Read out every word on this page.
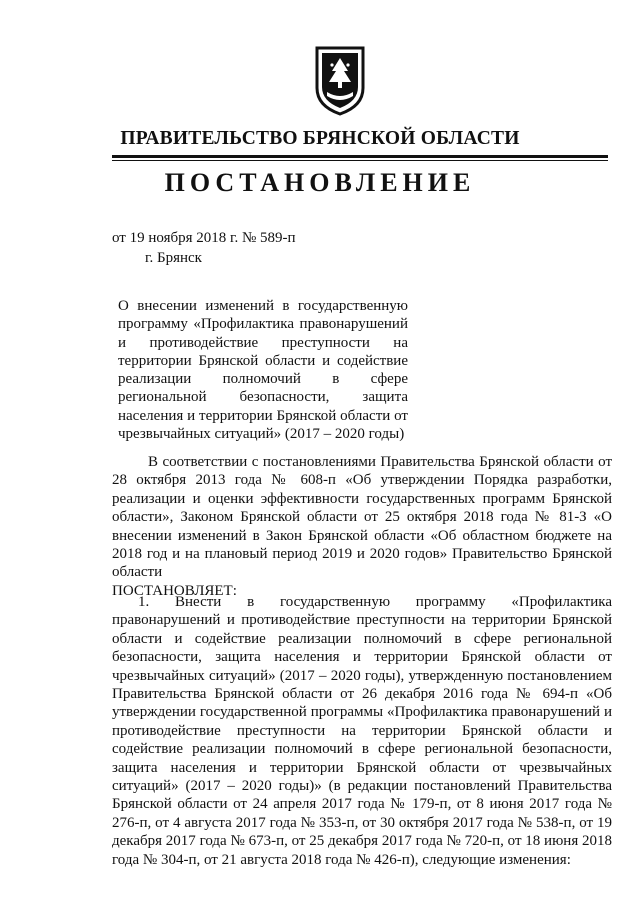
ПРАВИТЕЛЬСТВО БРЯНСКОЙ ОБЛАСТИ
ПОСТАНОВЛЕНИЕ
от 19 ноября 2018 г. № 589-п
г. Брянск
О внесении изменений в государственную программу «Профилактика правонарушений и противодействие преступности на территории Брянской области и содействие реализации полномочий в сфере региональной безопасности, защита населения и территории Брянской области от чрезвычайных ситуаций» (2017 – 2020 годы)
В соответствии с постановлениями Правительства Брянской области от 28 октября 2013 года № 608-п «Об утверждении Порядка разработки, реализации и оценки эффективности государственных программ Брянской области», Законом Брянской области от 25 октября 2018 года № 81-З «О внесении изменений в Закон Брянской области «Об областном бюджете на 2018 год и на плановый период 2019 и 2020 годов» Правительство Брянской области
ПОСТАНОВЛЯЕТ:
1. Внести в государственную программу «Профилактика правонарушений и противодействие преступности на территории Брянской области и содействие реализации полномочий в сфере региональной безопасности, защита населения и территории Брянской области от чрезвычайных ситуаций» (2017 – 2020 годы), утвержденную постановлением Правительства Брянской области от 26 декабря 2016 года № 694-п «Об утверждении государственной программы «Профилактика правонарушений и противодействие преступности на территории Брянской области и содействие реализации полномочий в сфере региональной безопасности, защита населения и территории Брянской области от чрезвычайных ситуаций» (2017 – 2020 годы)» (в редакции постановлений Правительства Брянской области от 24 апреля 2017 года № 179-п, от 8 июня 2017 года № 276-п, от 4 августа 2017 года № 353-п, от 30 октября 2017 года № 538-п, от 19 декабря 2017 года № 673-п, от 25 декабря 2017 года № 720-п, от 18 июня 2018 года № 304-п, от 21 августа 2018 года № 426-п), следующие изменения:
